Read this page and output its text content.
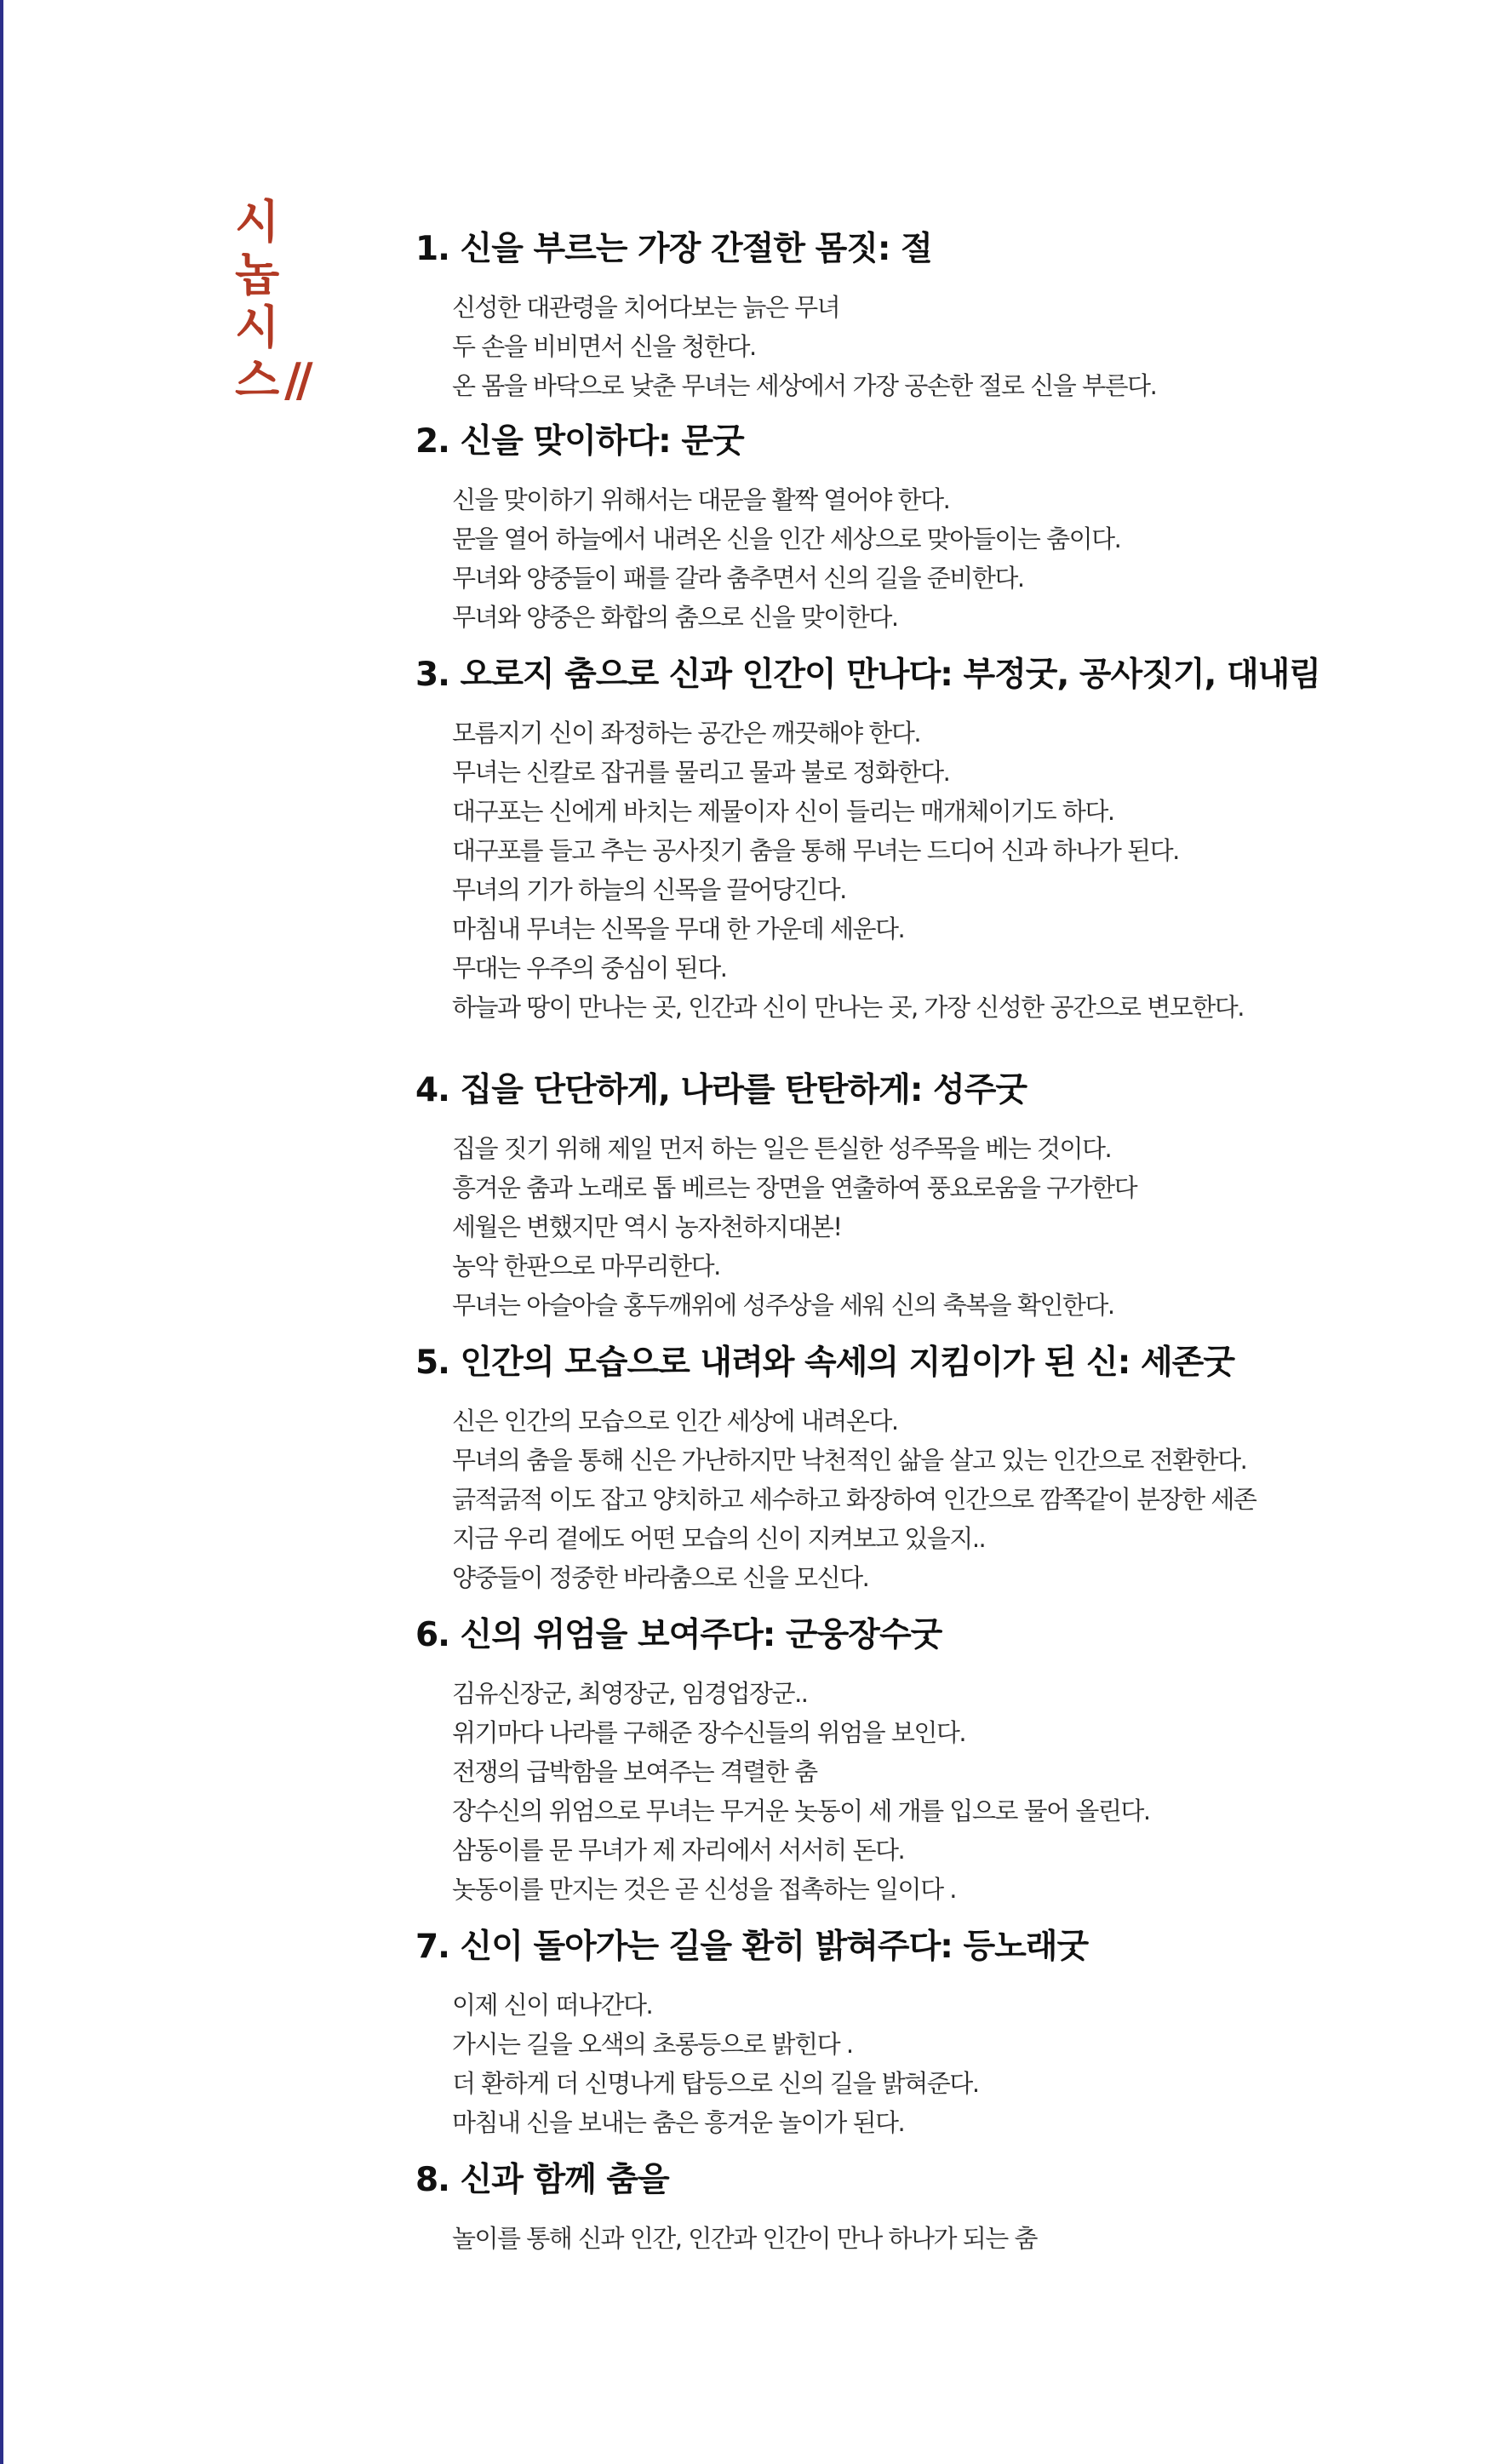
시
놉
시
스 //
1. 신을 부르는 가장 간절한 몸짓: 절
신성한 대관령을 치어다보는 늙은 무녀
두 손을 비비면서 신을 청한다.
온 몸을 바닥으로 낮춘 무녀는 세상에서 가장 공손한 절로 신을 부른다.
2. 신을 맞이하다: 문굿
신을 맞이하기 위해서는 대문을 활짝 열어야 한다.
문을 열어 하늘에서 내려온 신을 인간 세상으로 맞아들이는 춤이다.
무녀와 양중들이 패를 갈라 춤추면서 신의 길을 준비한다.
무녀와 양중은 화합의 춤으로 신을 맞이한다.
3. 오로지 춤으로 신과 인간이 만나다: 부정굿, 공사짓기, 대내림
모름지기 신이 좌정하는 공간은 깨끗해야 한다.
무녀는 신칼로 잡귀를 물리고 물과 불로 정화한다.
대구포는 신에게 바치는 제물이자 신이 들리는 매개체이기도 하다.
대구포를 들고 추는 공사짓기 춤을 통해 무녀는 드디어 신과 하나가 된다.
무녀의 기가 하늘의 신목을 끌어당긴다.
마침내 무녀는 신목을 무대 한 가운데 세운다.
무대는 우주의 중심이 된다.
하늘과 땅이 만나는 곳, 인간과 신이 만나는 곳, 가장 신성한 공간으로 변모한다.
4. 집을 단단하게, 나라를 탄탄하게: 성주굿
집을 짓기 위해 제일 먼저 하는 일은 튼실한 성주목을 베는 것이다.
흥겨운 춤과 노래로 톱 베르는 장면을 연출하여 풍요로움을 구가한다
세월은 변했지만 역시 농자천하지대본!
농악 한판으로 마무리한다.
무녀는 아슬아슬 홍두깨위에 성주상을 세워 신의 축복을 확인한다.
5. 인간의 모습으로 내려와 속세의 지킴이가 된 신: 세존굿
신은 인간의 모습으로 인간 세상에 내려온다.
무녀의 춤을 통해 신은 가난하지만 낙천적인 삶을 살고 있는 인간으로 전환한다.
긁적긁적 이도 잡고 양치하고 세수하고 화장하여 인간으로 깜쪽같이 분장한 세존
지금 우리 곁에도 어떤 모습의 신이 지켜보고 있을지..
양중들이 정중한 바라춤으로 신을 모신다.
6. 신의 위엄을 보여주다: 군웅장수굿
김유신장군, 최영장군, 임경업장군..
위기마다 나라를 구해준 장수신들의 위엄을 보인다.
전쟁의 급박함을 보여주는 격렬한 춤
장수신의 위엄으로 무녀는 무거운 놋동이 세 개를 입으로 물어 올린다.
삼동이를 문 무녀가 제 자리에서 서서히 돈다.
놋동이를 만지는 것은 곧 신성을 접촉하는 일이다 .
7. 신이 돌아가는 길을 환히 밝혀주다: 등노래굿
이제 신이 떠나간다.
가시는 길을 오색의 초롱등으로 밝힌다 .
더 환하게 더 신명나게 탑등으로 신의 길을 밝혀준다.
마침내 신을 보내는 춤은 흥겨운 놀이가 된다.
8. 신과 함께 춤을
놀이를 통해 신과 인간, 인간과 인간이 만나 하나가 되는 춤
